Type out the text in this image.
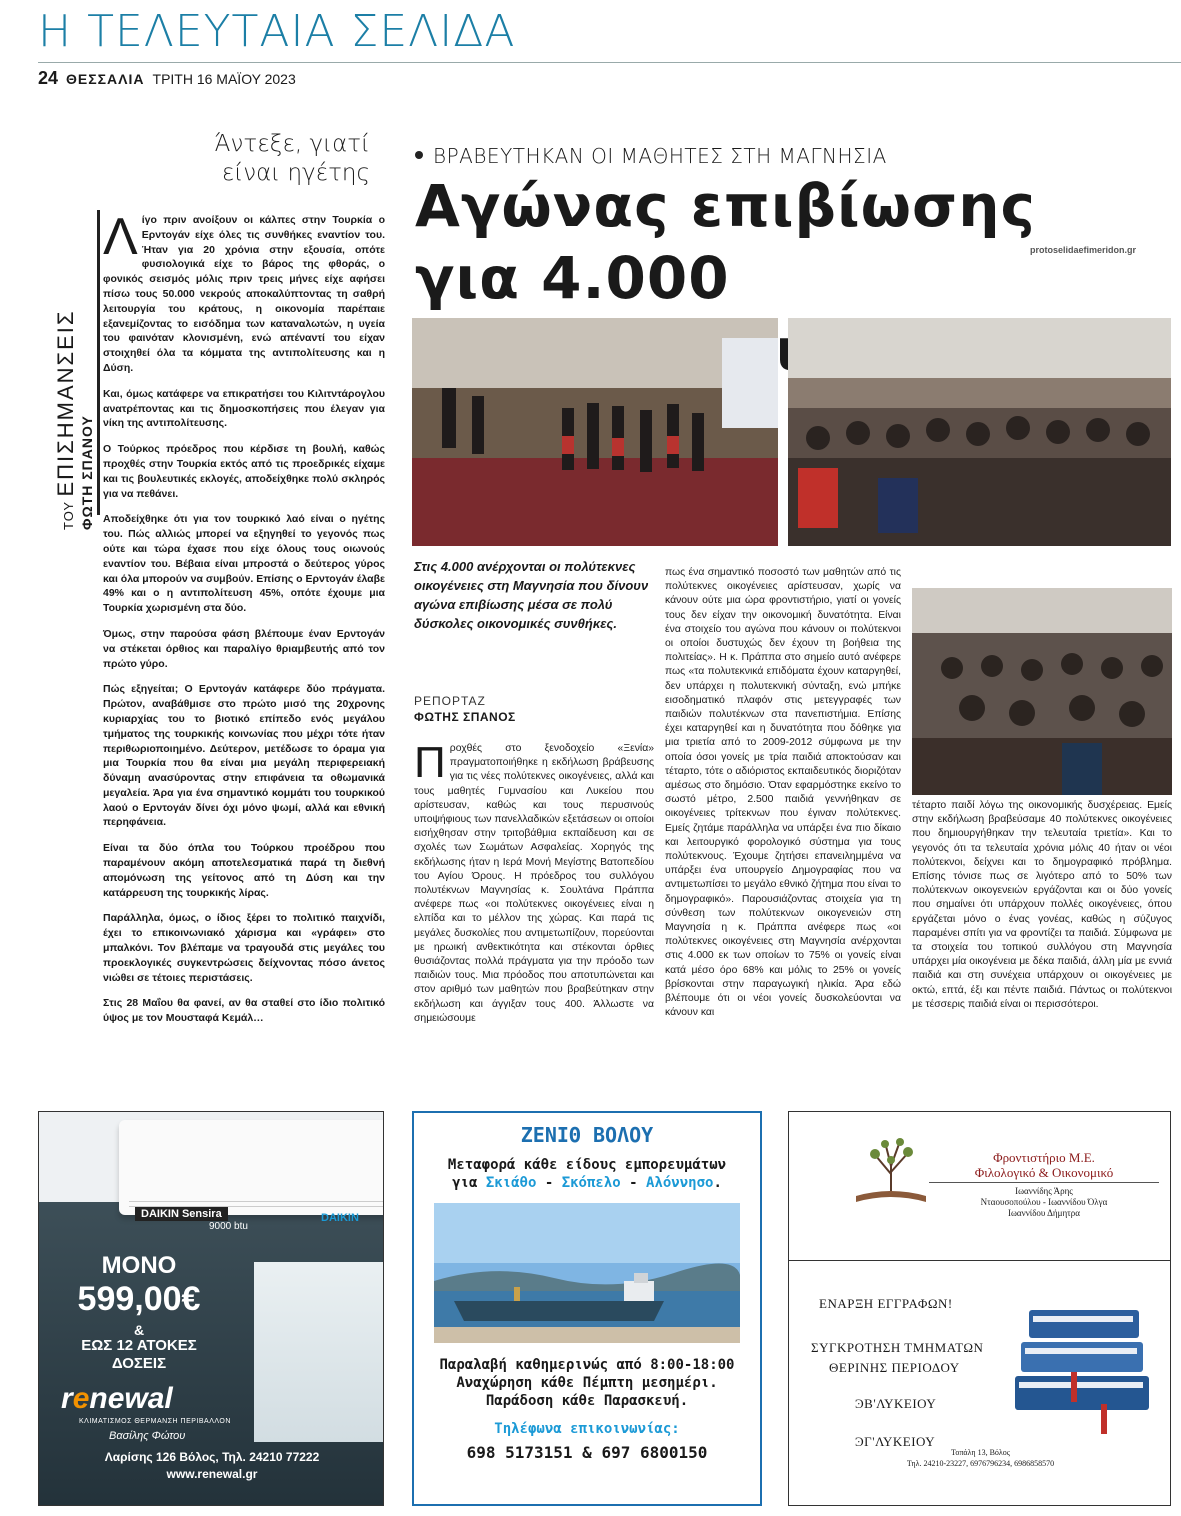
Η ΤΕΛΕΥΤΑΙΑ ΣΕΛΙΔΑ
24 ΘΕΣΣΑΛΙΑ ΤΡΙΤΗ 16 ΜΑΪΟΥ 2023
Άντεξε, γιατί
είναι ηγέτης
ΤΟΥ ΕΠΙΣΗΜΑΝΣΕΙΣ ΦΩΤΗ ΣΠΑΝΟΥ

Λίγο πριν ανοίξουν οι κάλπες στην Τουρκία ο Ερντογάν είχε όλες τις συνθήκες εναντίον του. Ήταν για 20 χρόνια στην εξουσία, οπότε φυσιολογικά είχε το βάρος της φθοράς, ο φονικός σεισμός μόλις πριν τρεις μήνες είχε αφήσει πίσω τους 50.000 νεκρούς αποκαλύπτοντας τη σαθρή λειτουργία του κράτους, η οικονομία παρέπαιε εξανεμίζοντας το εισόδημα των καταναλωτών, η υγεία του φαινόταν κλονισμένη, ενώ απέναντί του είχαν στοιχηθεί όλα τα κόμματα της αντιπολίτευσης και η Δύση.

Και, όμως κατάφερε να επικρατήσει του Κιλιτντάρογλου ανατρέποντας και τις δημοσκοπήσεις που έλεγαν για νίκη της αντιπολίτευσης.

Ο Τούρκος πρόεδρος που κέρδισε τη βουλή, καθώς προχθές στην Τουρκία εκτός από τις προεδρικές είχαμε και τις βουλευτικές εκλογές, αποδείχθηκε πολύ σκληρός για να πεθάνει.

Αποδείχθηκε ότι για τον τουρκικό λαό είναι ο ηγέτης του. Πώς αλλιώς μπορεί να εξηγηθεί το γεγονός πως ούτε και τώρα έχασε που είχε όλους τους οιωνούς εναντίον του. Βέβαια είναι μπροστά ο δεύτερος γύρος και όλα μπορούν να συμβούν. Επίσης ο Ερντογάν έλαβε 49% και ο η αντιπολίτευση 45%, οπότε έχουμε μια Τουρκία χωρισμένη στα δύο.

Όμως, στην παρούσα φάση βλέπουμε έναν Ερντογάν να στέκεται όρθιος και παραλίγο θριαμβευτής από τον πρώτο γύρο.

Πώς εξηγείται; Ο Ερντογάν κατάφερε δύο πράγματα. Πρώτον, αναβάθμισε στο πρώτο μισό της 20χρονης κυριαρχίας του το βιοτικό επίπεδο ενός μεγάλου τμήματος της τουρκικής κοινωνίας που μέχρι τότε ήταν περιθωριοποιημένο. Δεύτερον, μετέδωσε το όραμα για μια Τουρκία που θα είναι μια μεγάλη περιφερειακή δύναμη ανασύροντας στην επιφάνεια τα οθωμανικά μεγαλεία. Άρα για ένα σημαντικό κομμάτι του τουρκικού λαού ο Ερντογάν δίνει όχι μόνο ψωμί, αλλά και εθνική περηφάνεια.

Είναι τα δύο όπλα του Τούρκου προέδρου που παραμένουν ακόμη αποτελεσματικά παρά τη διεθνή απομόνωση της γείτονος από τη Δύση και την κατάρρευση της τουρκικής λίρας.

Παράλληλα, όμως, ο ίδιος ξέρει το πολιτικό παιχνίδι, έχει το επικοινωνιακό χάρισμα και «γράφει» στο μπαλκόνι. Τον βλέπαμε να τραγουδά στις μεγάλες του προεκλογικές συγκεντρώσεις δείχνοντας πόσο άνετος νιώθει σε τέτοιες περιστάσεις.

Στις 28 Μαΐου θα φανεί, αν θα σταθεί στο ίδιο πολιτικό ύψος με τον Μουσταφά Κεμάλ…

ΒΡΑΒΕΥΤΗΚΑΝ ΟΙ ΜΑΘΗΤΕΣ ΣΤΗ ΜΑΓΝΗΣΙΑ
Αγώνας επιβίωσης
για 4.000	protoselidaefimeridon.gr
Στις 4.000 ανέρχονται οι πολύτεκνες οικογένειες στη Μαγνησία που δίνουν αγώνα επιβίωσης μέσα σε πολύ δύσκολες οικονομικές συνθήκες.
ΡΕΠΟΡΤΑΖ
ΦΩΤΗΣ ΣΠΑΝΟΣ

Προχθές στο ξενοδοχείο «Ξενία» πραγματοποιήθηκε η εκδήλωση βράβευσης για τις νέες πολύτεκνες οικογένειες, αλλά και τους μαθητές Γυμνασίου και Λυκείου που αρίστευσαν, καθώς και τους περυσινούς υποψήφιους των πανελλαδικών εξετάσεων οι οποίοι εισήχθησαν στην τριτοβάθμια εκπαίδευση και σε σχολές των Σωμάτων Ασφαλείας. Χορηγός της εκδήλωσης ήταν η Ιερά Μονή Μεγίστης Βατοπεδίου του Αγίου Όρους. Η πρόεδρος του συλλόγου πολυτέκνων Μαγνησίας κ. Σουλτάνα Πράππα ανέφερε πως «οι πολύτεκνες οικογένειες είναι η ελπίδα και το μέλλον της χώρας. Και παρά τις μεγάλες δυσκολίες που αντιμετωπίζουν, πορεύονται με ηρωική ανθεκτικότητα και στέκονται όρθιες θυσιάζοντας πολλά πράγματα για την πρόοδο των παιδιών τους. Μια πρόοδος που αποτυπώνεται και στον αριθμό των μαθητών που βραβεύτηκαν στην εκδήλωση και άγγιξαν τους 400. Άλλωστε να σημειώσουμε

πως ένα σημαντικό ποσοστό των μαθητών από τις πολύτεκνες οικογένειες αρίστευσαν, χωρίς να κάνουν ούτε μια ώρα φροντιστήριο, γιατί οι γονείς τους δεν είχαν την οικονομική δυνατότητα. Είναι ένα στοιχείο του αγώνα που κάνουν οι πολύτεκνοι οι οποίοι δυστυχώς δεν έχουν τη βοήθεια της πολιτείας». Η κ. Πράππα στο σημείο αυτό ανέφερε πως «τα πολυτεκνικά επιδόματα έχουν καταργηθεί, δεν υπάρχει η πολυτεκνική σύνταξη, ενώ μπήκε εισοδηματικό πλαφόν στις μετεγγραφές των παιδιών πολυτέκνων στα πανεπιστήμια. Επίσης έχει καταργηθεί και η δυνατότητα που δόθηκε για μια τριετία από το 2009-2012 σύμφωνα με την οποία όσοι γονείς με τρία παιδιά αποκτούσαν και τέταρτο, τότε ο αδιόριστος εκπαιδευτικός διοριζόταν αμέσως στο δημόσιο. Όταν εφαρμόστηκε εκείνο το σωστό μέτρο, 2.500 παιδιά γεννήθηκαν σε οικογένειες τρίτεκνων που έγιναν πολύτεκνες. Εμείς ζητάμε παράλληλα να υπάρξει ένα πιο δίκαιο και λειτουργικό φορολογικό σύστημα για τους πολύτεκνους. Έχουμε ζητήσει επανειλημμένα να υπάρξει ένα υπουργείο Δημογραφίας που να αντιμετωπίσει το μεγάλο εθνικό ζήτημα που είναι το δημογραφικό». Παρουσιάζοντας στοιχεία για τη σύνθεση των πολύτεκνων οικογενειών στη Μαγνησία η κ. Πράππα ανέφερε πως «οι πολύτεκνες οικογένειες στη Μαγνησία ανέρχονται στις 4.000 εκ των οποίων το 75% οι γονείς είναι κατά μέσο όρο 68% και μόλις το 25% οι γονείς βρίσκονται στην παραγωγική ηλικία. Άρα εδώ βλέπουμε ότι οι νέοι γονείς δυσκολεύονται να κάνουν και

τέταρτο παιδί λόγω της οικονομικής δυσχέρειας. Εμείς στην εκδήλωση βραβεύσαμε 40 πολύτεκνες οικογένειες που δημιουργήθηκαν την τελευταία τριετία». Και το γεγονός ότι τα τελευταία χρόνια μόλις 40 ήταν οι νέοι πολύτεκνοι, δείχνει και το δημογραφικό πρόβλημα. Επίσης τόνισε πως σε λιγότερο από το 50% των πολύτεκνων οικογενειών εργάζονται και οι δύο γονείς που σημαίνει ότι υπάρχουν πολλές οικογένειες, όπου εργάζεται μόνο ο ένας γονέας, καθώς η σύζυγος παραμένει σπίτι για να φροντίζει τα παιδιά. Σύμφωνα με τα στοιχεία του τοπικού συλλόγου στη Μαγνησία υπάρχει μία οικογένεια με δέκα παιδιά, άλλη μία με εννιά παιδιά και στη συνέχεια υπάρχουν οι οικογένειες με οκτώ, επτά, έξι και πέντε παιδιά. Πάντως οι πολύτεκνοι με τέσσερις παιδιά είναι οι περισσότεροι.

DAIKIN Sensira
9000 btu
DAIKIN
ΜΟΝΟ
599,00€
&
ΕΩΣ 12 ΑΤΟΚΕΣ
ΔΟΣΕΙΣ
renewal
ΚΛΙΜΑΤΙΣΜΟΣ ΘΕΡΜΑΝΣΗ ΠΕΡΙΒΑΛΛΟΝ
Βασίλης Φώτου
Λαρίσης 126 Βόλος, Τηλ. 24210 77222
www.renewal.gr
ΖΕΝΙΘ ΒΟΛΟΥ
Μεταφορά κάθε είδους εμπορευμάτων
για Σκιάθο - Σκόπελο - Αλόννησο.
Παραλαβή καθημερινώς από 8:00-18:00
Αναχώρηση κάθε Πέμπτη μεσημέρι.
Παράδοση κάθε Παρασκευή.
Τηλέφωνα επικοινωνίας:
698 5173151 & 697 6800150
Φροντιστήριο Μ.Ε.
Φιλολογικό & Οικονομικό
Ιωαννίδης Άρης
Νταουσοπούλου - Ιωαννίδου Όλγα
Ιωαννίδου Δήμητρα
ΕΝΑΡΞΗ ΕΓΓΡΑΦΩΝ!
ΣΥΓΚΡΟΤΗΣΗ ΤΜΗΜΑΤΩΝ
ΘΕΡΙΝΗΣ ΠΕΡΙΟΔΟΥ
ϿΒ'ΛΥΚΕΙΟΥ
ϿΓ'ΛΥΚΕΙΟΥ
Τοπάλη 13, Βόλος
Τηλ. 24210-23227, 6976796234, 6986858570
